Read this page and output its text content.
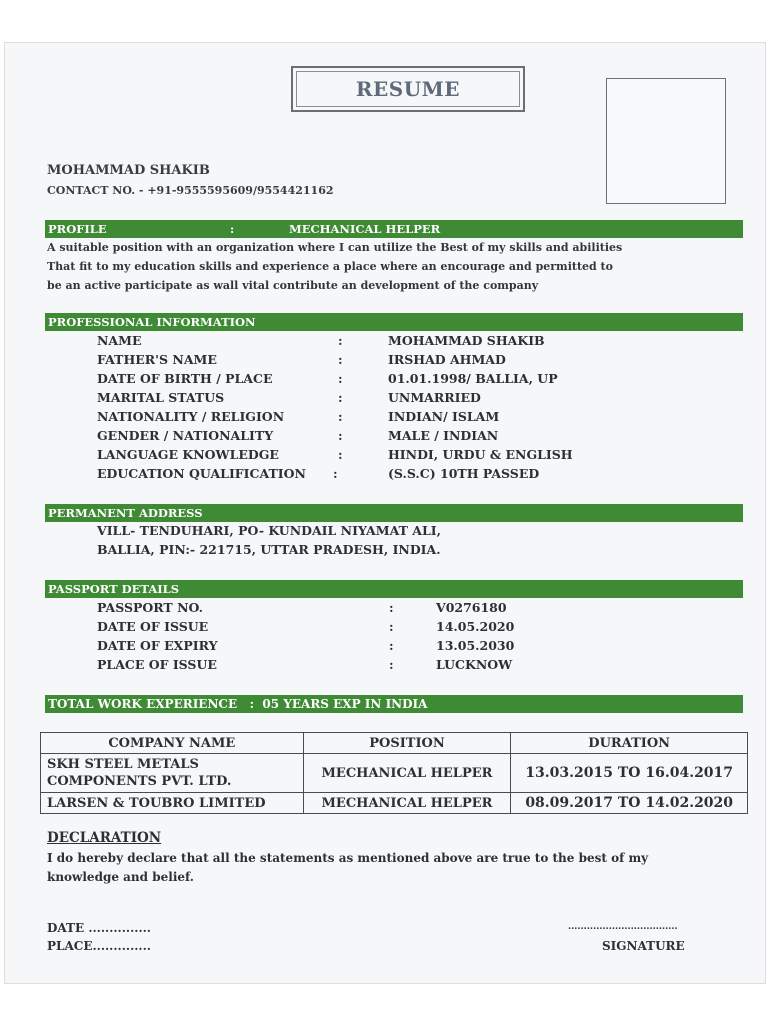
RESUME
MOHAMMAD SHAKIB
CONTACT NO. - +91-9555595609/9554421162
PROFILE	:	MECHANICAL HELPER
A suitable position with an organization where I can utilize the Best of my skills and abilities
That fit to my education skills and experience a place where an encourage and permitted to
be an active participate as wall vital contribute an development of the company
PROFESSIONAL INFORMATION
NAME	:	MOHAMMAD SHAKIB
FATHER'S NAME	:	IRSHAD AHMAD
DATE OF BIRTH / PLACE	:	01.01.1998/ BALLIA, UP
MARITAL STATUS	:	UNMARRIED
NATIONALITY / RELIGION	:	INDIAN/ ISLAM
GENDER / NATIONALITY	:	MALE / INDIAN
LANGUAGE KNOWLEDGE	:	HINDI, URDU & ENGLISH
EDUCATION QUALIFICATION :	(S.S.C) 10TH PASSED
PERMANENT ADDRESS
VILL- TENDUHARI, PO- KUNDAIL NIYAMAT ALI,
BALLIA, PIN:- 221715, UTTAR PRADESH, INDIA.
PASSPORT DETAILS
PASSPORT NO.	:	V0276180
DATE OF ISSUE	:	14.05.2020
DATE OF EXPIRY	:	13.05.2030
PLACE OF ISSUE	:	LUCKNOW
TOTAL WORK EXPERIENCE   :  05 YEARS EXP IN INDIA
COMPANY NAME	POSITION	DURATION

SKH STEEL METALS
COMPONENTS PVT. LTD.	MECHANICAL HELPER	13.03.2015 TO 16.04.2017

LARSEN & TOUBRO LIMITED	MECHANICAL HELPER	08.09.2017 TO 14.02.2020
DECLARATION
I do hereby declare that all the statements as mentioned above are true to the best of my
knowledge and belief.
DATE ...............
PLACE..............
...................................
SIGNATURE
